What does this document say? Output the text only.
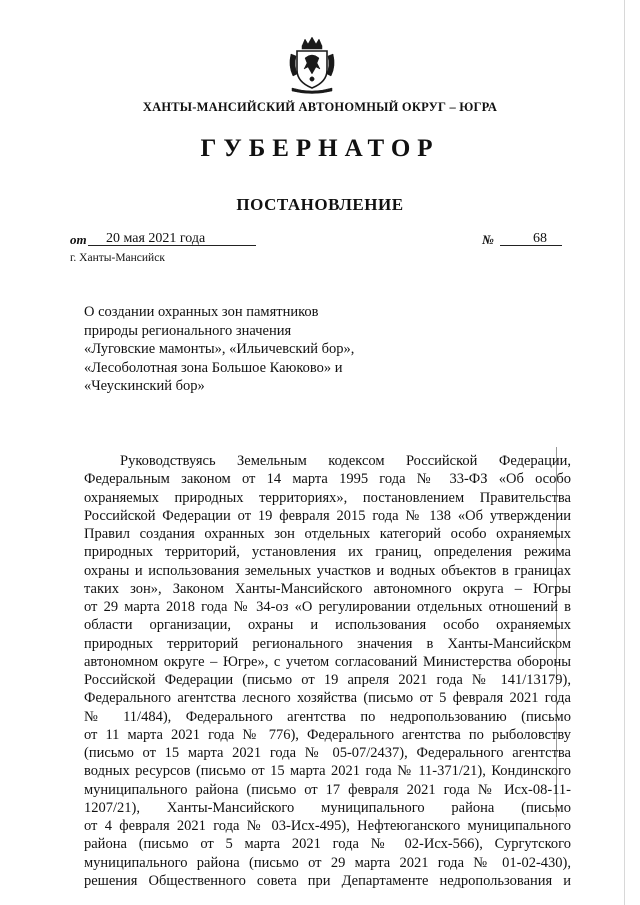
ХАНТЫ-МАНСИЙСКИЙ АВТОНОМНЫЙ ОКРУГ – ЮГРА
ГУБЕРНАТОР
ПОСТАНОВЛЕНИЕ
от 20 мая 2021 года	№	68
г. Ханты-Мансийск
О создании охранных зон памятников
природы регионального значения
«Луговские мамонты», «Ильичевский бор»,
«Лесоболотная зона Большое Каюково» и
«Чеускинский бор»
Руководствуясь Земельным кодексом Российской Федерации,
Федеральным законом от 14 марта 1995 года № 33-ФЗ «Об особо
охраняемых природных территориях», постановлением Правительства
Российской Федерации от 19 февраля 2015 года № 138 «Об утверждении
Правил создания охранных зон отдельных категорий особо охраняемых
природных территорий, установления их границ, определения режима
охраны и использования земельных участков и водных объектов в границах
таких зон», Законом Ханты-Мансийского автономного округа – Югры
от 29 марта 2018 года № 34-оз «О регулировании отдельных отношений в
области организации, охраны и использования особо охраняемых
природных территорий регионального значения в Ханты-Мансийском
автономном округе – Югре», с учетом согласований Министерства обороны
Российской Федерации (письмо от 19 апреля 2021 года № 141/13179),
Федерального агентства лесного хозяйства (письмо от 5 февраля 2021 года
№ 11/484), Федерального агентства по недропользованию (письмо
от 11 марта 2021 года № 776), Федерального агентства по рыболовству
(письмо от 15 марта 2021 года № 05-07/2437), Федерального агентства
водных ресурсов (письмо от 15 марта 2021 года № 11-371/21), Кондинского
муниципального района (письмо от 17 февраля 2021 года № Исх-08-11-
1207/21), Ханты-Мансийского муниципального района (письмо
от 4 февраля 2021 года № 03-Исх-495), Нефтеюганского муниципального
района (письмо от 5 марта 2021 года № 02-Исх-566), Сургутского
муниципального района (письмо от 29 марта 2021 года № 01-02-430),
решения Общественного совета при Департаменте недропользования и
